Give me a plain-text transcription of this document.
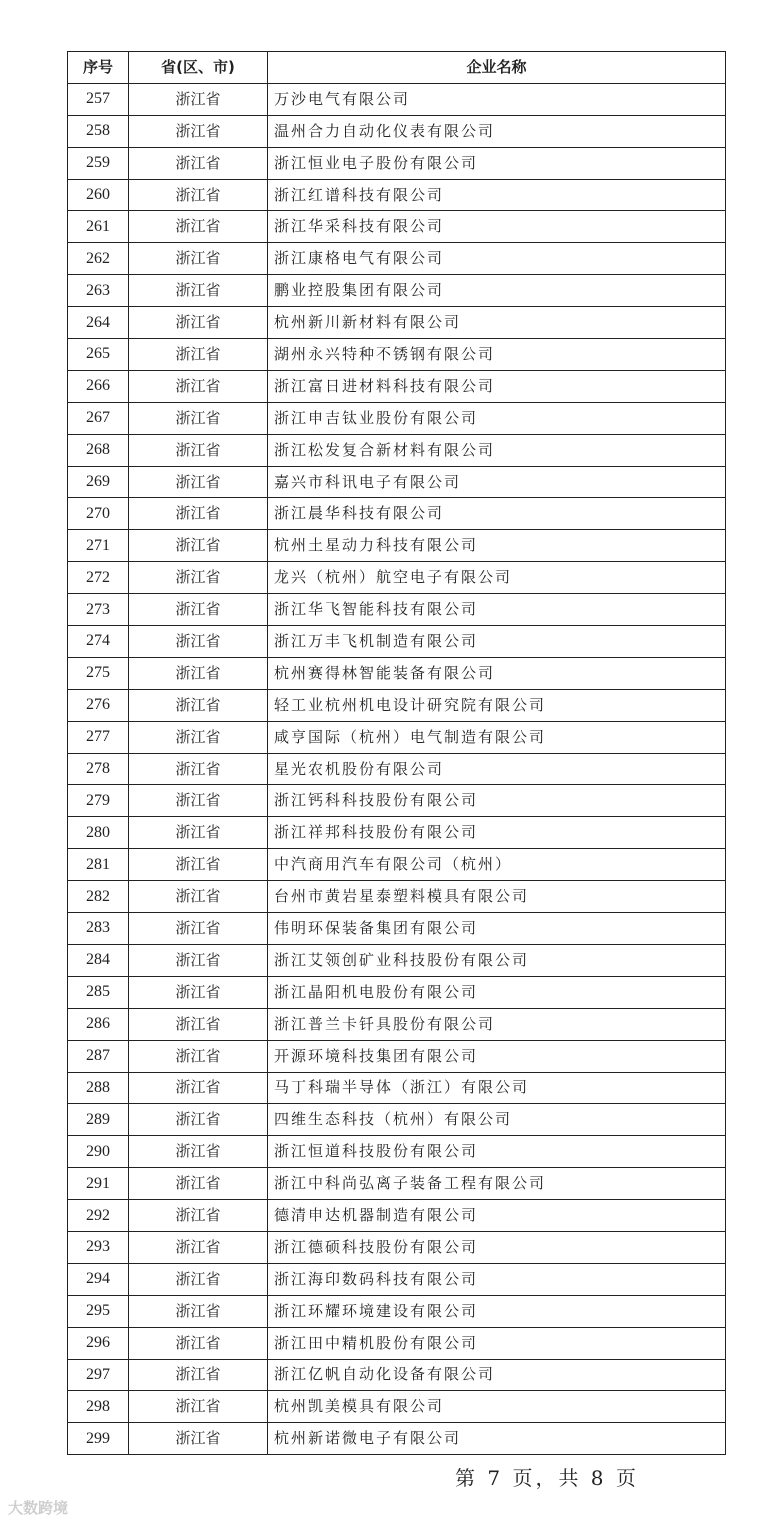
序号	省(区、市)	企业名称
257	浙江省	万沙电气有限公司
258	浙江省	温州合力自动化仪表有限公司
259	浙江省	浙江恒业电子股份有限公司
260	浙江省	浙江红谱科技有限公司
261	浙江省	浙江华采科技有限公司
262	浙江省	浙江康格电气有限公司
263	浙江省	鹏业控股集团有限公司
264	浙江省	杭州新川新材料有限公司
265	浙江省	湖州永兴特种不锈钢有限公司
266	浙江省	浙江富日进材料科技有限公司
267	浙江省	浙江申吉钛业股份有限公司
268	浙江省	浙江松发复合新材料有限公司
269	浙江省	嘉兴市科讯电子有限公司
270	浙江省	浙江晨华科技有限公司
271	浙江省	杭州土星动力科技有限公司
272	浙江省	龙兴（杭州）航空电子有限公司
273	浙江省	浙江华飞智能科技有限公司
274	浙江省	浙江万丰飞机制造有限公司
275	浙江省	杭州赛得林智能装备有限公司
276	浙江省	轻工业杭州机电设计研究院有限公司
277	浙江省	咸亨国际（杭州）电气制造有限公司
278	浙江省	星光农机股份有限公司
279	浙江省	浙江钙科科技股份有限公司
280	浙江省	浙江祥邦科技股份有限公司
281	浙江省	中汽商用汽车有限公司（杭州）
282	浙江省	台州市黄岩星泰塑料模具有限公司
283	浙江省	伟明环保装备集团有限公司
284	浙江省	浙江艾领创矿业科技股份有限公司
285	浙江省	浙江晶阳机电股份有限公司
286	浙江省	浙江普兰卡钎具股份有限公司
287	浙江省	开源环境科技集团有限公司
288	浙江省	马丁科瑞半导体（浙江）有限公司
289	浙江省	四维生态科技（杭州）有限公司
290	浙江省	浙江恒道科技股份有限公司
291	浙江省	浙江中科尚弘离子装备工程有限公司
292	浙江省	德清申达机器制造有限公司
293	浙江省	浙江德硕科技股份有限公司
294	浙江省	浙江海印数码科技有限公司
295	浙江省	浙江环耀环境建设有限公司
296	浙江省	浙江田中精机股份有限公司
297	浙江省	浙江亿帆自动化设备有限公司
298	浙江省	杭州凯美模具有限公司
299	浙江省	杭州新诺微电子有限公司
第 7 页，共 8 页
大数跨境
